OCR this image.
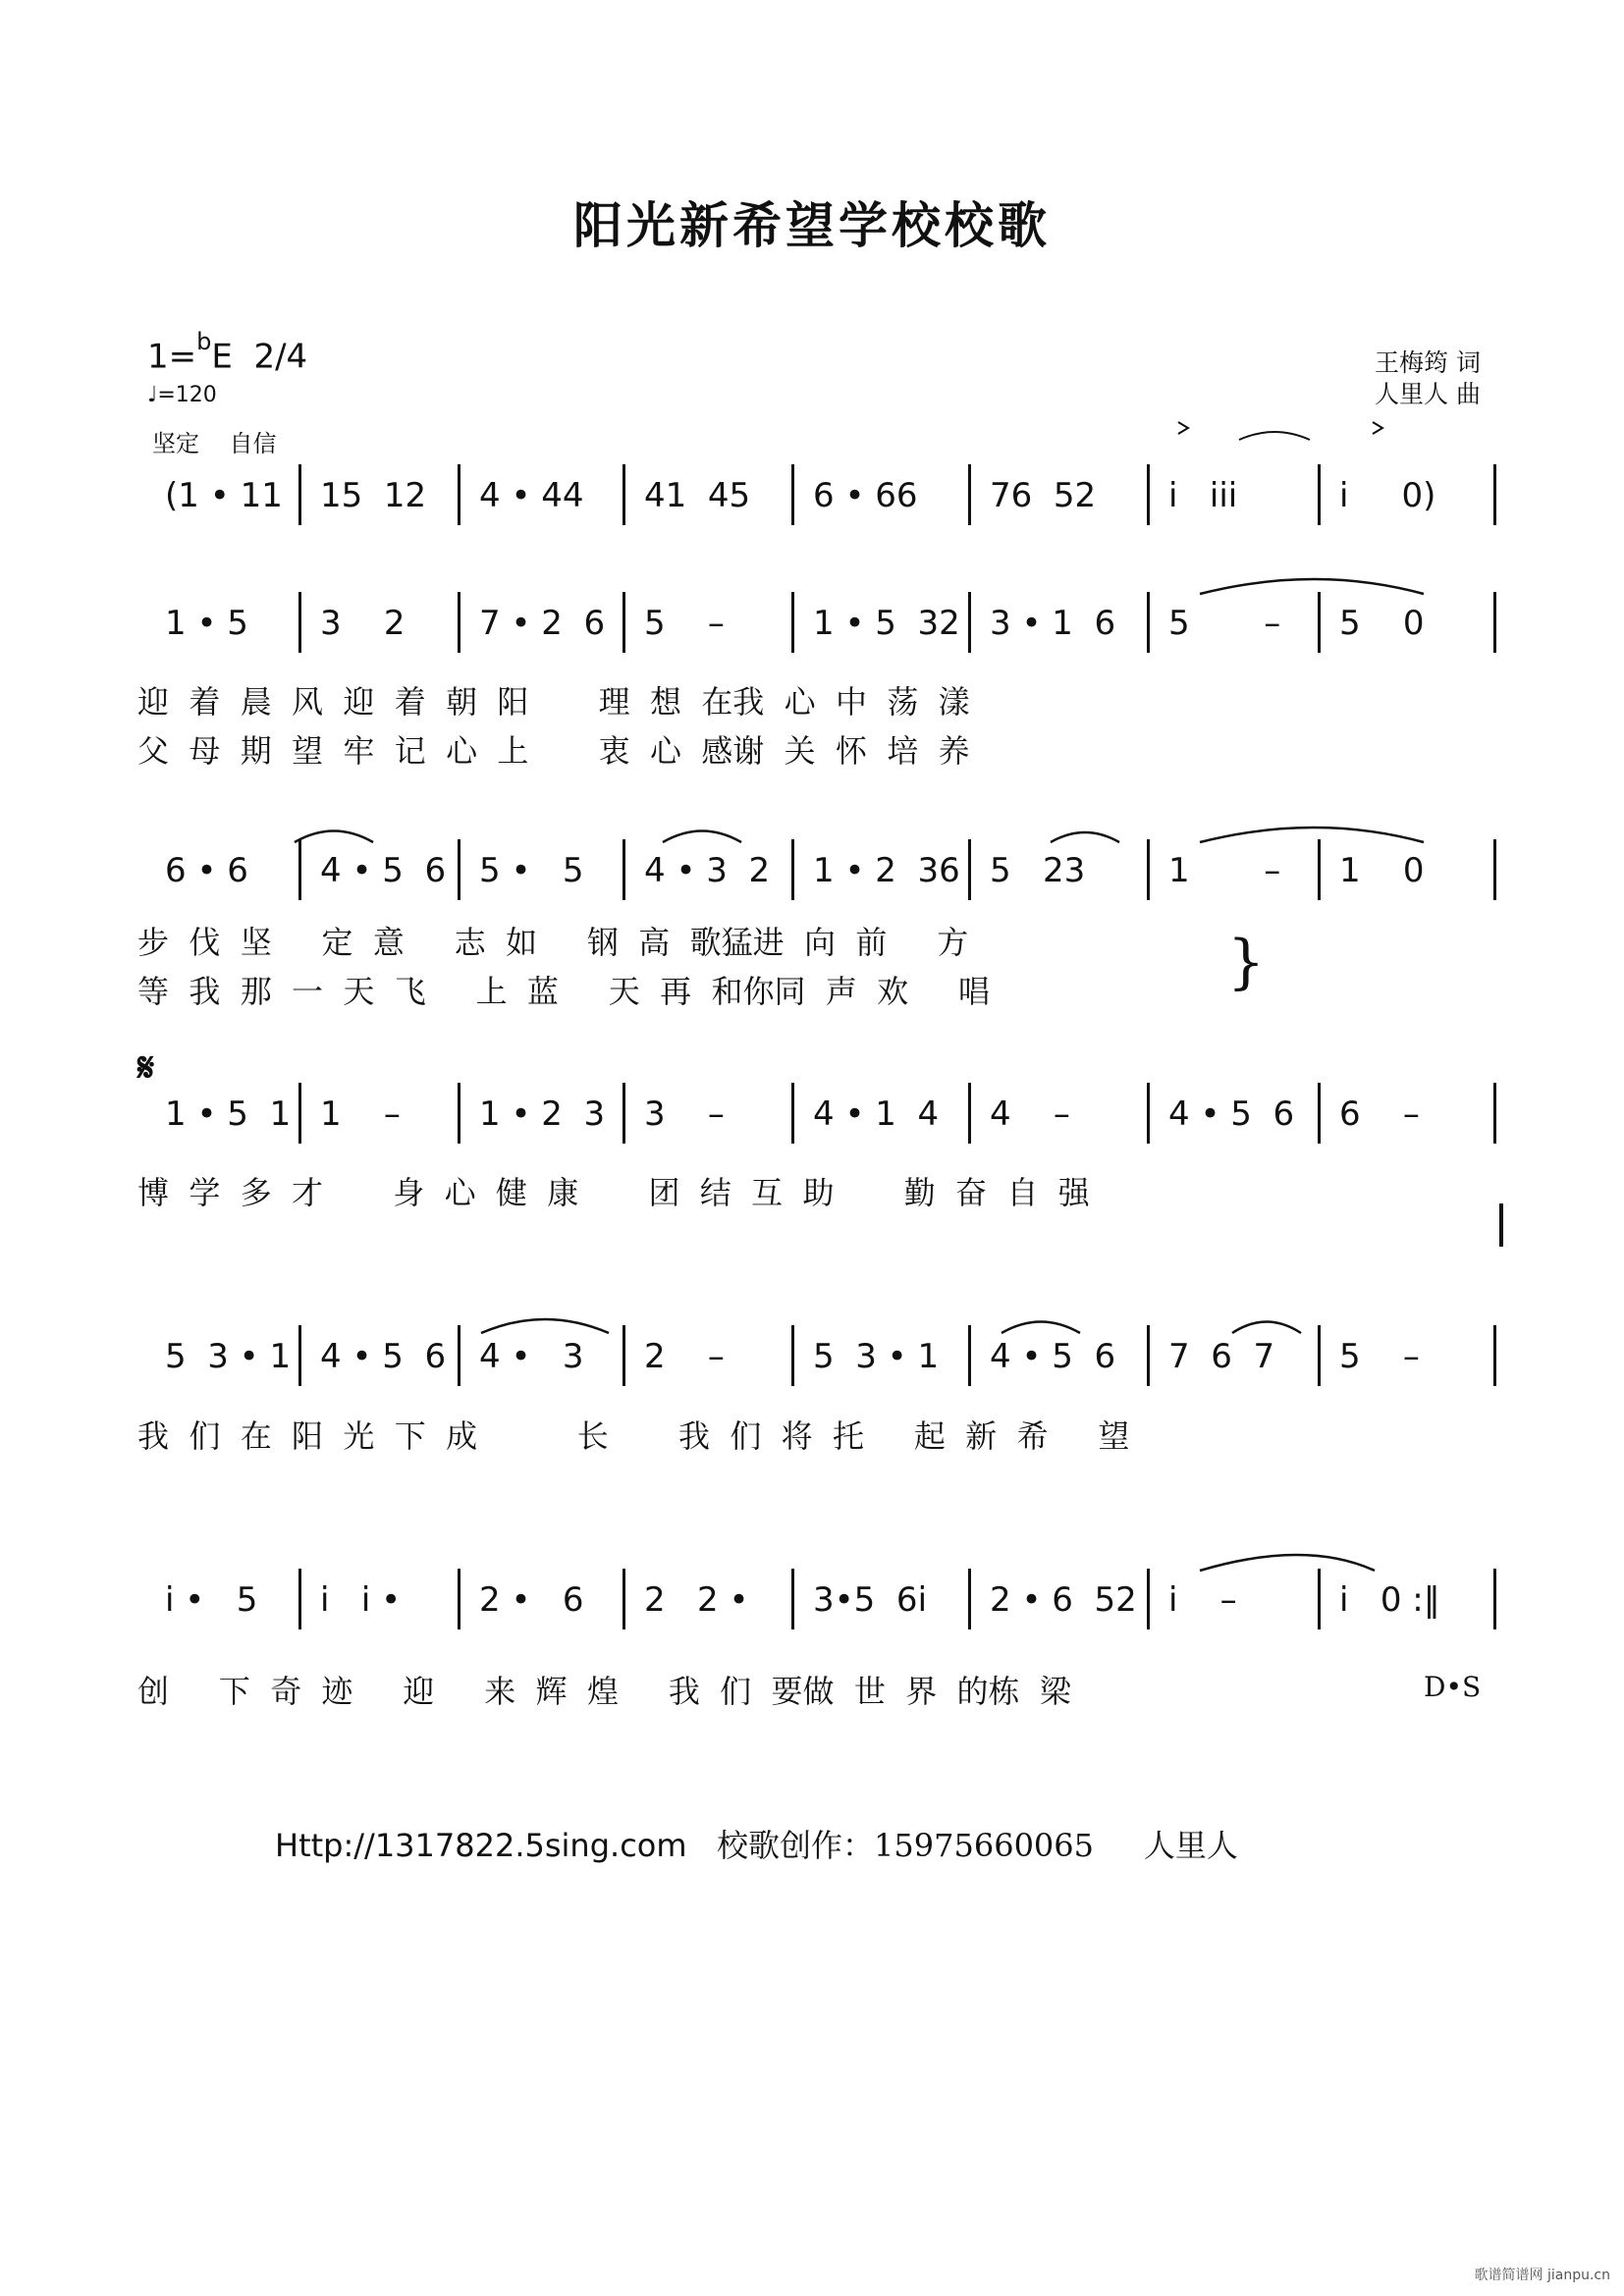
阳光新希望学校校歌
1=$^b$E 2/4
♩=120
坚定    自信
王梅筠 词
人里人 曲
𝄋
(1 • 11 15  12 4 • 44 41  45 6 • 66 76  52 i   iii	i     0)
1 • 5 3    2 7 • 2  6 5    –	1 • 5  32 3 • 1  6 5       – 5    0
6 • 6 4 • 5  6 5 •   5 4 • 3  2 1 • 2  36 5   23 1       – 1    0
1 • 5  1 1    – 1 • 2  3 3    –	4 • 1  4 4    –	4 • 5  6 6    –
5  3 • 1 4 • 5  6 4 •   3 2    –	5  3 • 1 4 • 5  6 7  6  7 5    –
i •   5 i   i • 2 •   6 2   2 • 3•5  6i 2 • 6  52 i    –	i   0 :‖
迎  着  晨  风  迎  着  朝  阳       理  想  在我  心  中  荡  漾
父  母  期  望  牢  记  心  上       衷  心  感谢  关  怀  培  养
步  伐  坚     定  意     志  如     钢  高  歌猛进  向  前     方
等  我  那  一  天  飞     上  蓝     天  再  和你同  声  欢     唱
博  学  多  才       身  心  健  康       团  结  互  助       勤  奋  自  强
我  们  在  阳  光  下  成          长       我  们  将  托     起  新  希     望
创     下  奇  迹     迎     来  辉  煌     我  们  要做  世  界  的栋  梁
}
D•S
Http://1317822.5sing.com 校歌创作：15975660065 人里人
歌谱简谱网 jianpu.cn
